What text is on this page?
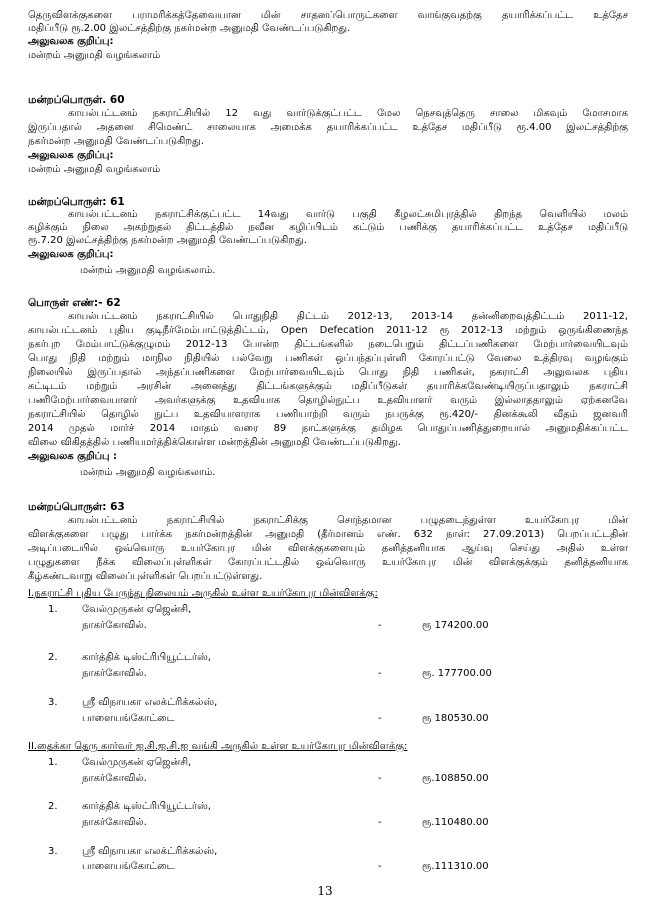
தெருவிளக்குகளை பராமரிக்கத்தேவையான மின் சாதனப்பொருட்களை வாங்குவதற்கு தயாரிக்கப்பட்ட உத்தேச
மதிப்பீடு ரூ.2.00 இலட்சத்திற்கு நகர்மன்ற அனுமதி வேண்டப்படுகிறது.
அலுவலக குறிப்பு:
மன்றம் அனுமதி வழங்கலாம்
மன்றப்பொருள். 60
காயல்பட்டனம் நகராட்சியில் 12 வது வார்டுக்குட்பட்ட மேல நெசவுத்தெரு சாலை மிகவும் மோசமாக
இருப்பதால் அதனை சிமெண்ட் சாலையாக அமைக்க தயாரிக்கப்பட்ட உத்தேச மதிப்பீடு ரூ.4.00 இலட்சத்திற்கு
நகர்மன்ற அனுமதி வேண்டப்படுகிறது.
அலுவலக குறிப்பு:
மன்றம் அனுமதி வழங்கலாம்
மன்றப்பொருள்: 61
காயல்பட்டனம் நகராட்சிக்குட்பட்ட 14வது வார்டு பகுதி கீழலட்சுமிபுரத்தில் திறந்த வெளியில் மலம்
கழிக்கும் நிலை அகற்றுதல் திட்டத்தில் நவீன கழிப்பிடம் கட்டும் பணிக்கு தயாரிக்கப்பட்ட உத்தேச மதிப்பீடு
ரூ.7.20 இலட்சத்திற்கு நகர்மன்ற அனுமதி வேண்டப்படுகிறது.
அலுவலக குறிப்பு:
மன்றம் அனுமதி வழங்கலாம்.
பொருள் எண்:- 62
காயல்பட்டனம் நகராட்சியில் பொதுநிதி திட்டம் 2012-13, 2013-14 தன்னிறைவுத்திட்டம் 2011-12,
காயல்பட்டனம் புதிய குடிநீர்மேம்பாட்டுத்திட்டம், Open Defecation 2011-12 ரூ 2012-13 மற்றும் ஒருங்கிணைந்த
நகர்புற மேம்பாட்டுக்குழுமம் 2012-13 போன்ற திட்டங்களில் நடைபெறும் திட்டப்பணிகளை மேற்பார்வையிடவும்
பொது நிதி மற்றும் மாநில நிதியில் பல்வேறு பணிகள் ஒப்பந்தப்புள்ளி கோரப்பட்டு வேலை உத்திரவு வழங்கும்
நிலையில் இருப்பதால் அந்தப்பணிகளை மேற்பார்வையிடவும் பொது நிதி பணிகள், நகராட்சி அலுவலக புதிய
கட்டிடம் மற்றும் அரசின் அனைத்து திட்டங்களுக்கும் மதிப்பீடுகள் தயாரிக்கவேண்டியிருப்பதாலும் நகராட்சி
பணிமேற்பார்வையாளர் அவர்களுக்கு உதவியாக தொழில்நுட்ப உதவியாளர் வரும் இல்லாததாலும் ஏற்கனவே
நகராட்சியில் தொழில் நுட்ப உதவியாளராக பணியாற்றி வரும் நபருக்கு ரூ.420/- தினக்கூலி வீதம் ஜனவரி
2014 முதல் மார்ச் 2014 மாதம் வரை 89 நாட்களுக்கு தமிழக பொதுப்பணித்துறையால் அனுமதிக்கப்பட்ட
விலை விகிதத்தில் பணியமர்த்திக்கொள்ள மன்றத்தின் அனுமதி வேண்டப்படுகிறது.
அலுவலக குறிப்பு :
மன்றம் அனுமதி வழங்கலாம்.
மன்றப்பொருள்: 63
காயல்பட்டனம் நகராட்சியில் நகராட்சிக்கு சொந்தமான பழுதடைந்துள்ள உயர்கோபுர மின்
விளக்குகளை பழுது பார்க்க நகர்மன்றத்தின் அனுமதி (தீர்மானம் எண். 632 நாள்: 27.09.2013) பெறப்பட்டதின்
அடிப்படையில் ஒவ்வொரு உயர்கோபுர மின் விளக்குகளையும் தனித்தனியாக ஆய்வு செய்து அதில் உள்ள
பழுதுகளை நீக்க விலைப்புள்ளிகள் கோரப்பட்டதில் ஒவ்வொரு உயர்கோபுர மின் விளக்குக்கும் தனித்தனியாக
கீழ்கண்டவாறு விலைப்புள்ளிகள் பெறப்பட்டுள்ளது.
I.நகராட்சி புதிய பேருந்து நிலையம் அருகில் உள்ள உயர்கோபுர மின்விளக்கு:
1. வேல்முருகன் ஏஜென்சி,
நாகர்கோவில்.	-	ரூ 174200.00
2. கார்த்திக் டிஸ்ட்ரிபியூட்டர்ஸ்,
நாகர்கோவில்.	-	ரூ. 177700.00
3. ஸ்ரீ விநாயகா எலக்ட்ரிக்கல்ஸ்,
பாளையங்கோட்டை	-	ரூ 180530.00
II.தைக்கா தெரு கார்வர் ஐ.சி.ஐ.சி.ஐ வங்கி அருகில் உள்ள உயர்கோபுர மின்விளக்கு:
1. வேல்முருகன் ஏஜென்சி,
நாகர்கோவில்.	-	ரூ.108850.00
2. கார்த்திக் டிஸ்ட்ரிபியூட்டர்ஸ்,
நாகர்கோவில்.	-	ரூ.110480.00
3. ஸ்ரீ விநாயகா எலக்ட்ரிக்கல்ஸ்,
பாளையங்கோட்டை	-	ரூ.111310.00
13
